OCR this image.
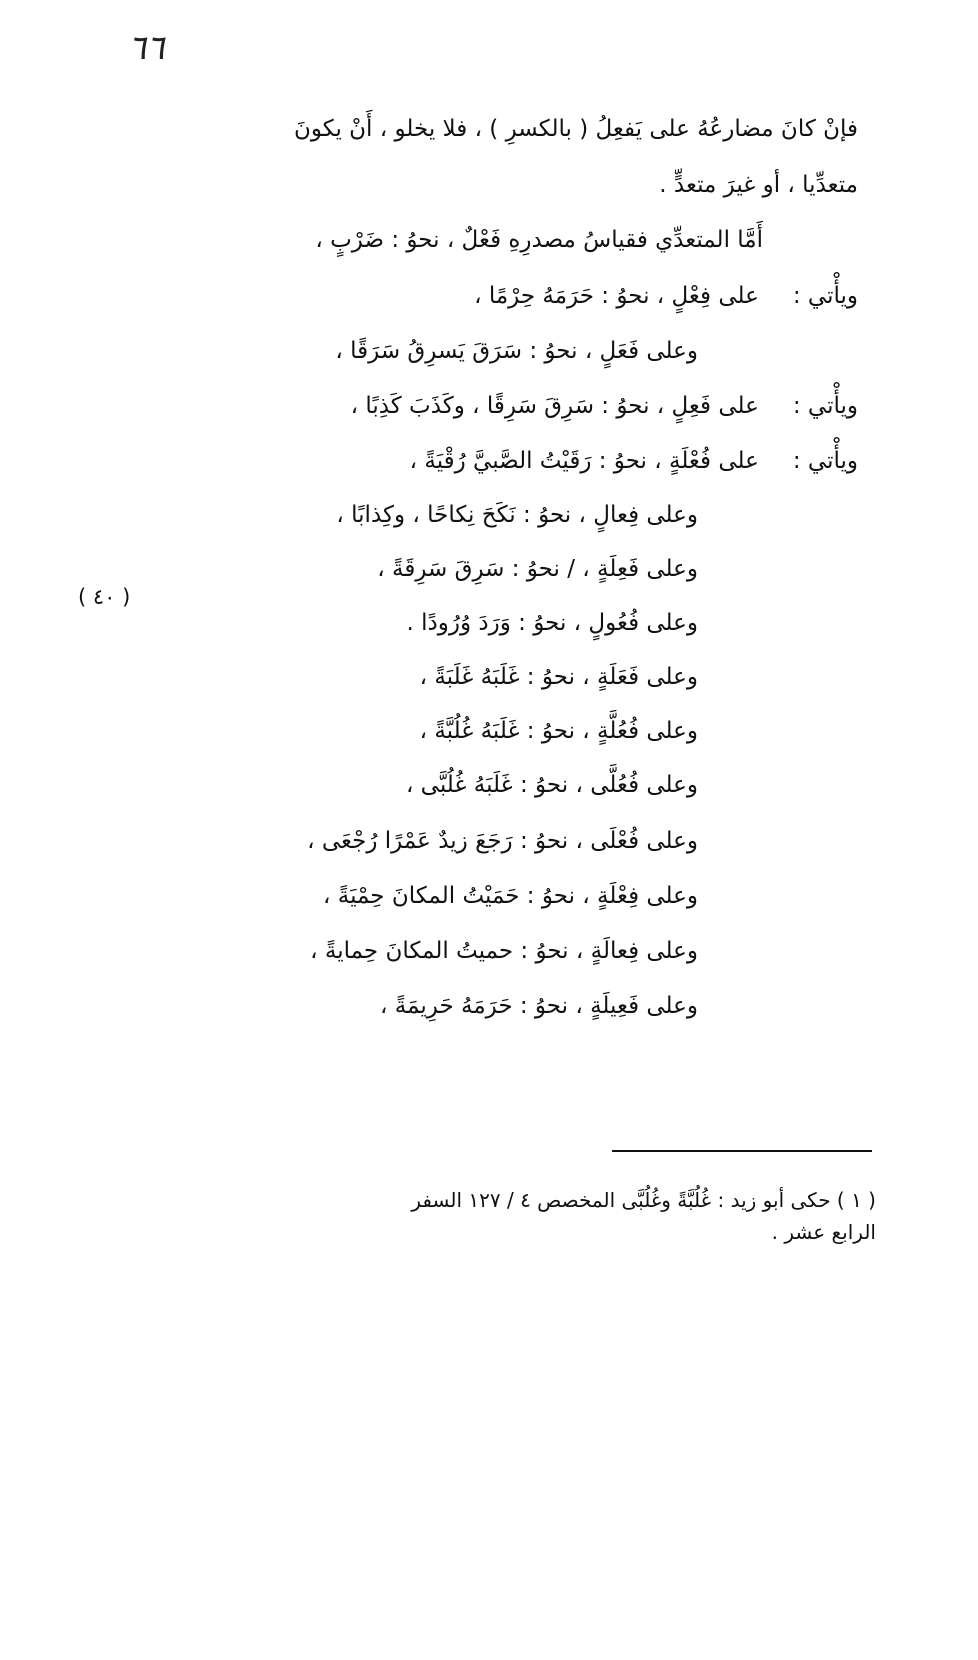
٦٦
فإنْ كانَ مضارعُهُ على يَفعِلُ ( بالكسرِ ) ، فلا يخلو ، أَنْ يكونَ
متعدِّيا ، أو غيرَ متعدٍّ .
أَمَّا المتعدِّي فقياسُ مصدرِهِ فَعْلٌ ، نحوُ : ضَرْبٍ ،
ويأْتي :على فِعْلٍ ، نحوُ : حَرَمَهُ حِرْمًا ،
وعلى فَعَلٍ ، نحوُ : سَرَقَ يَسرِقُ سَرَقًا ،
ويأْتي :على فَعِلٍ ، نحوُ : سَرِقَ سَرِقًا ، وكَذَبَ كَذِبًا ،
ويأْتي :على فُعْلَةٍ ، نحوُ : رَقَيْتُ الصَّبيَّ رُقْيَةً ،
وعلى فِعالٍ ، نحوُ : نَكَحَ نِكاحًا ، وكِذابًا ،
وعلى فَعِلَةٍ ، / نحوُ : سَرِقَ سَرِقَةً ،
وعلى فُعُولٍ ، نحوُ : وَرَدَ وُرُودًا .
وعلى فَعَلَةٍ ، نحوُ : غَلَبَهُ غَلَبَةً ،
وعلى فُعُلَّةٍ ، نحوُ : غَلَبَهُ غُلُبَّةً ،
وعلى فُعُلَّى ، نحوُ : غَلَبَهُ غُلُبَّى ،
وعلى فُعْلَى ، نحوُ : رَجَعَ زيدٌ عَمْرًا رُجْعَى ،
وعلى فِعْلَةٍ ، نحوُ : حَمَيْتُ المكانَ حِمْيَةً ،
وعلى فِعالَةٍ ، نحوُ : حميتُ المكانَ حِمايةً ،
وعلى فَعِيلَةٍ ، نحوُ : حَرَمَهُ حَرِيمَةً ،
( ٤٠ )
( ١ ) حكى أبو زيد : غُلُبَّةً وغُلُبَّى المخصص ٤ / ١٢٧ السفر
الرابع عشر .
